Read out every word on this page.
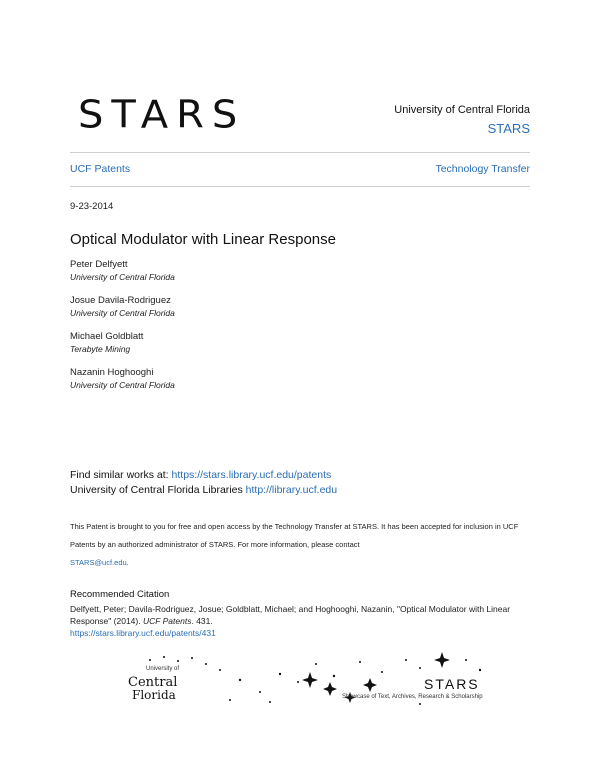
STARS	University of Central Florida
STARS
UCF Patents	Technology Transfer
9-23-2014
Optical Modulator with Linear Response
Peter Delfyett
University of Central Florida
Josue Davila-Rodriguez
University of Central Florida
Michael Goldblatt
Terabyte Mining
Nazanin Hoghooghi
University of Central Florida
Find similar works at: https://stars.library.ucf.edu/patents
University of Central Florida Libraries http://library.ucf.edu
This Patent is brought to you for free and open access by the Technology Transfer at STARS. It has been accepted for inclusion in UCF Patents by an authorized administrator of STARS. For more information, please contact
STARS@ucf.edu.
Recommended Citation
Delfyett, Peter; Davila-Rodriguez, Josue; Goldblatt, Michael; and Hoghooghi, Nazanin, "Optical Modulator with Linear Response" (2014). UCF Patents. 431.
https://stars.library.ucf.edu/patents/431
University of
Central
Florida
STARS
Showcase of Text, Archives, Research & Scholarship
